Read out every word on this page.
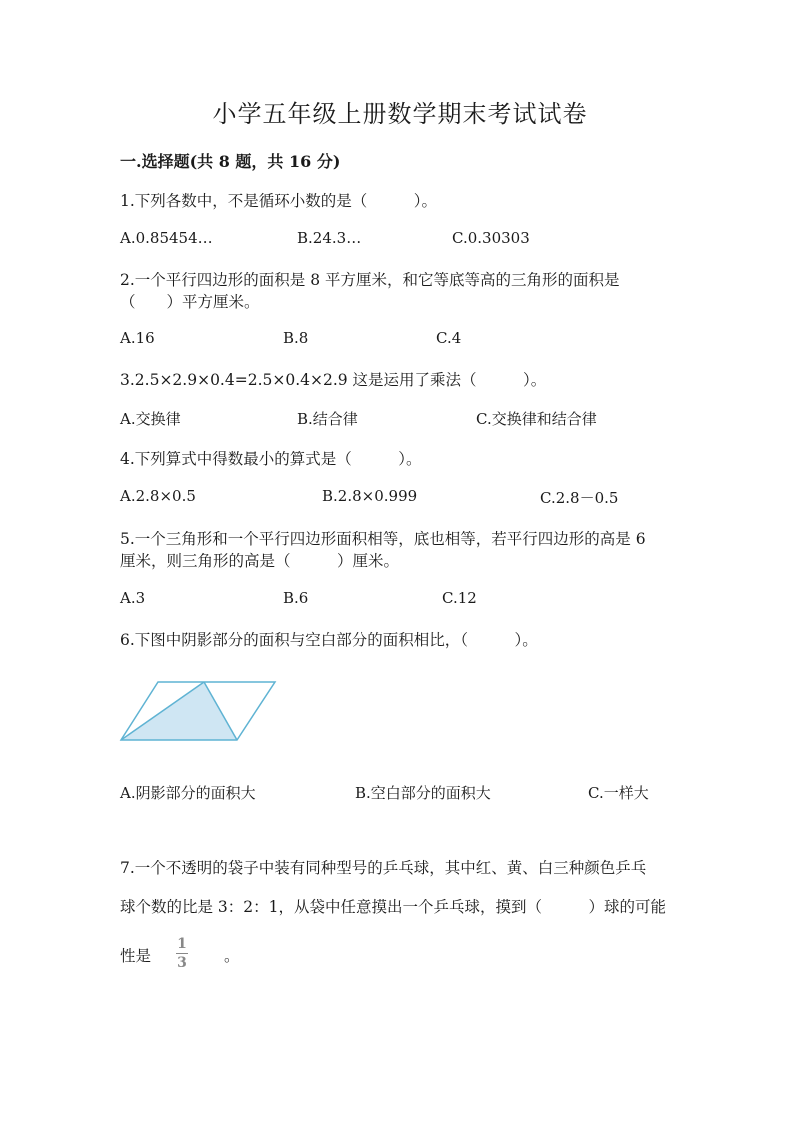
小学五年级上册数学期末考试试卷
一.选择题(共 8 题，共 16 分)
1.下列各数中，不是循环小数的是（　　　）。
A.0.85454…	B.24.3…	C.0.30303
2.一个平行四边形的面积是 8 平方厘米，和它等底等高的三角形的面积是
（　　）平方厘米。
A.16	B.8	C.4
3.2.5×2.9×0.4=2.5×0.4×2.9 这是运用了乘法（　　　）。
A.交换律	B.结合律	C.交换律和结合律
4.下列算式中得数最小的算式是（　　　）。
A.2.8×0.5	B.2.8×0.999	C.2.8－0.5
5.一个三角形和一个平行四边形面积相等，底也相等，若平行四边形的高是 6
厘米，则三角形的高是（　　　）厘米。
A.3	B.6	C.12
6.下图中阴影部分的面积与空白部分的面积相比，（　　　）。
A.阴影部分的面积大	B.空白部分的面积大	C.一样大
7.一个不透明的袋子中装有同种型号的乒乓球，其中红、黄、白三种颜色乒乓
球个数的比是 3：2：1，从袋中任意摸出一个乒乓球，摸到（　　　）球的可能
性是 $\frac{1}{3}$ 。
